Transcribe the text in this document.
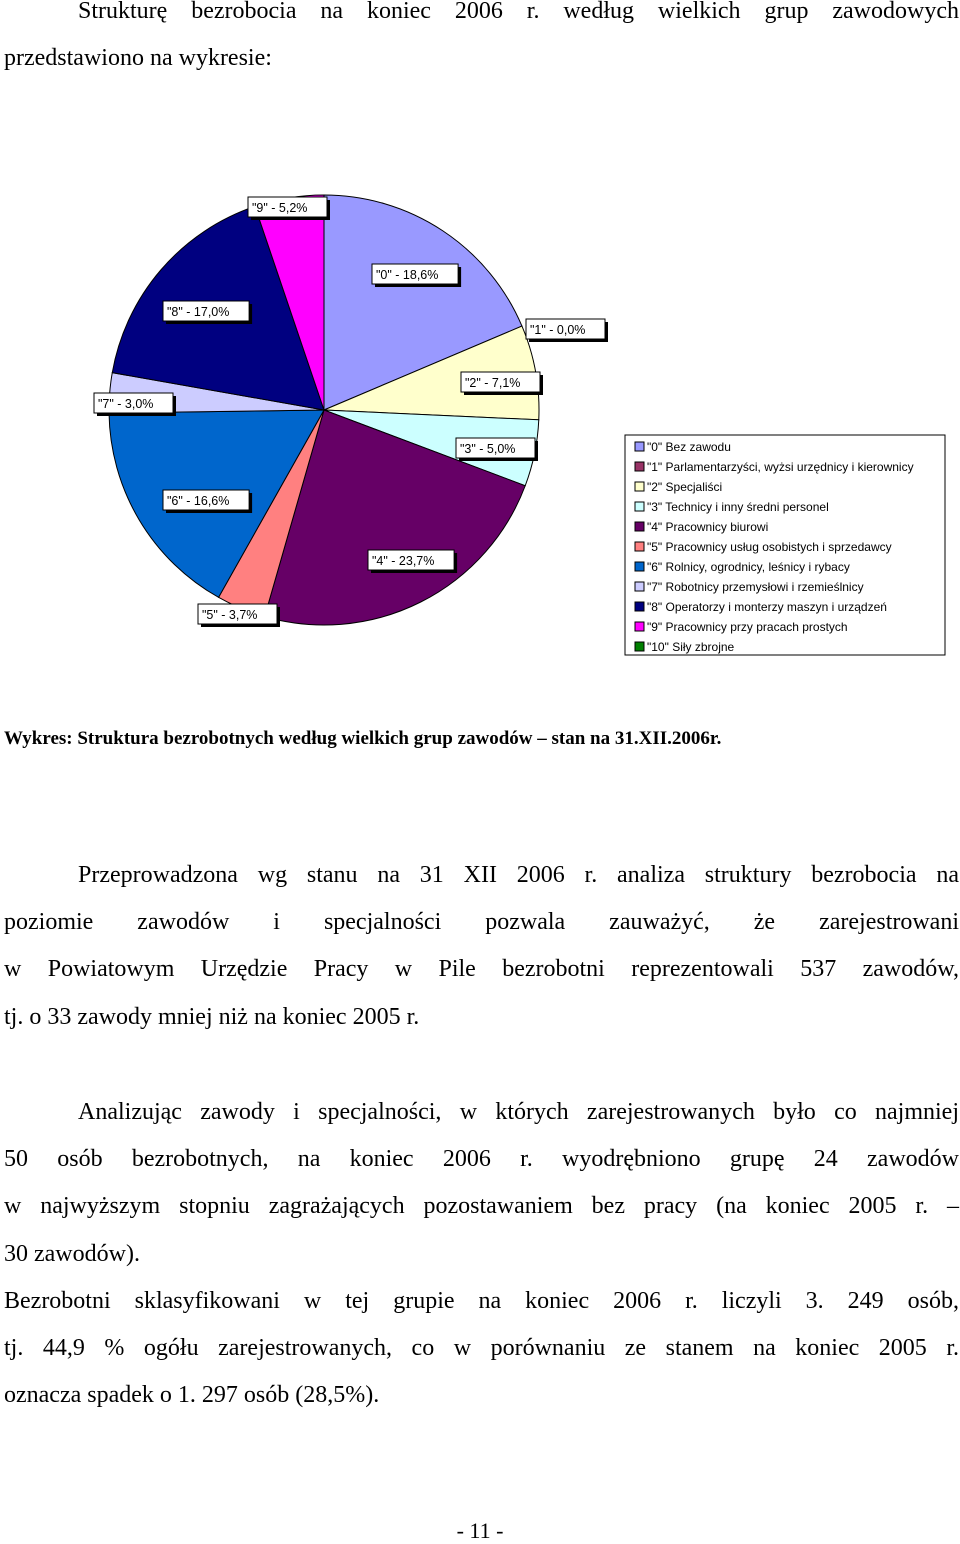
Strukturę bezrobocia na koniec 2006 r. według wielkich grup zawodowych
przedstawiono na wykresie:
"0" - 18,6%
"1" - 0,0%
"2" - 7,1%
"3" - 5,0%
"4" - 23,7%
"5" - 3,7%
"6" - 16,6%
"7" - 3,0%
"8" - 17,0%
"9" - 5,2%
"0" Bez zawodu
"1" Parlamentarzyści, wyżsi urzędnicy i kierownicy
"2" Specjaliści
"3" Technicy i inny średni personel
"4" Pracownicy biurowi
"5" Pracownicy usług osobistych i sprzedawcy
"6" Rolnicy, ogrodnicy, leśnicy i rybacy
"7" Robotnicy przemysłowi i rzemieślnicy
"8" Operatorzy i monterzy maszyn i urządzeń
"9" Pracownicy przy pracach prostych
"10" Siły zbrojne
Wykres: Struktura bezrobotnych według wielkich grup zawodów – stan na 31.XII.2006r.
Przeprowadzona wg stanu na 31 XII 2006 r. analiza struktury bezrobocia na
poziomie zawodów i specjalności pozwala zauważyć, że zarejestrowani
w Powiatowym Urzędzie Pracy w Pile bezrobotni reprezentowali 537 zawodów,
tj. o 33 zawody mniej niż na koniec 2005 r.
Analizując zawody i specjalności, w których zarejestrowanych było co najmniej
50 osób bezrobotnych, na koniec 2006 r. wyodrębniono grupę 24 zawodów
w najwyższym stopniu zagrażających pozostawaniem bez pracy (na koniec 2005 r. –
30 zawodów).
Bezrobotni sklasyfikowani w tej grupie na koniec 2006 r. liczyli 3. 249 osób,
tj. 44,9 % ogółu zarejestrowanych, co w porównaniu ze stanem na koniec 2005 r.
oznacza spadek o 1. 297 osób (28,5%).
- 11 -
